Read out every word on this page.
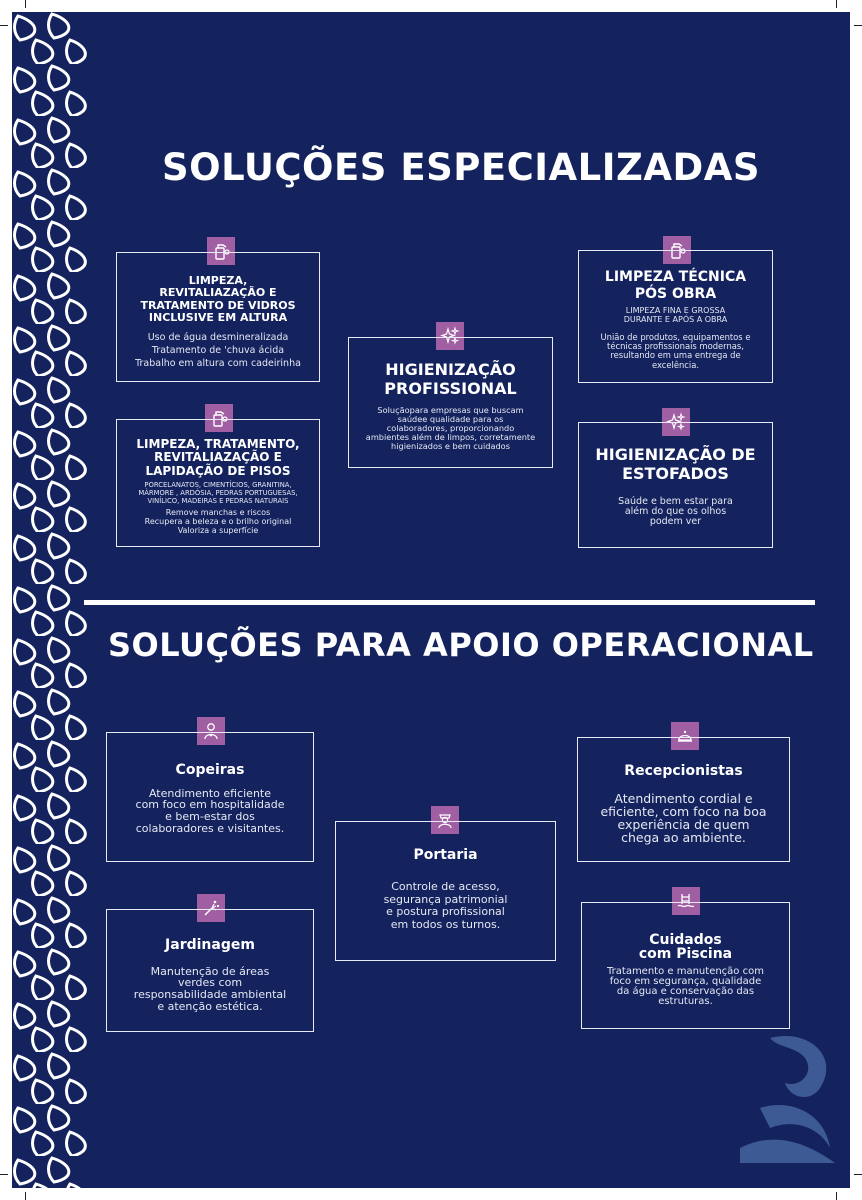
SOLUÇÕES ESPECIALIZADAS
LIMPEZA,
REVITALIAZAÇÃO E
TRATAMENTO DE VIDROS
INCLUSIVE EM ALTURA
Uso de água desmineralizada
Tratamento de 'chuva ácida
Trabalho em altura com cadeirinha
LIMPEZA, TRATAMENTO,
REVITALIAZAÇÃO E
LAPIDAÇÃO DE PISOS
PORCELANATOS, CIMENTÍCIOS, GRANITINA,
MÁRMORE , ARDÓSIA, PEDRAS PORTUGUESAS,
VINÍLICO, MADEIRAS E PEDRAS NATURAIS
Remove manchas e riscos
Recupera a beleza e o brilho original
Valoriza a superfície
HIGIENIZAÇÃO
PROFISSIONAL
Soluçãopara empresas que buscam
saúdee qualidade para os
colaboradores, proporcionando
ambientes além de limpos, corretamente
higienizados e bem cuidados
LIMPEZA TÉCNICA
PÓS OBRA
LIMPEZA FINA E GROSSA
DURANTE E APÓS A OBRA
União de produtos, equipamentos e
técnicas profissionais modernas,
resultando em uma entrega de
excelência.
HIGIENIZAÇÃO DE
ESTOFADOS
Saúde e bem estar para
além do que os olhos
podem ver
SOLUÇÕES PARA APOIO OPERACIONAL
Copeiras
Atendimento eficiente
com foco em hospitalidade
e bem-estar dos
colaboradores e visitantes.
Portaria
Controle de acesso,
segurança patrimonial
e postura profissional
em todos os turnos.
Recepcionistas
Atendimento cordial e
eficiente, com foco na boa
experiência de quem
chega ao ambiente.
Jardinagem
Manutenção de áreas
verdes com
responsabilidade ambiental
e atenção estética.
Cuidados
com Piscina
Tratamento e manutenção com
foco em segurança, qualidade
da água e conservação das
estruturas.
